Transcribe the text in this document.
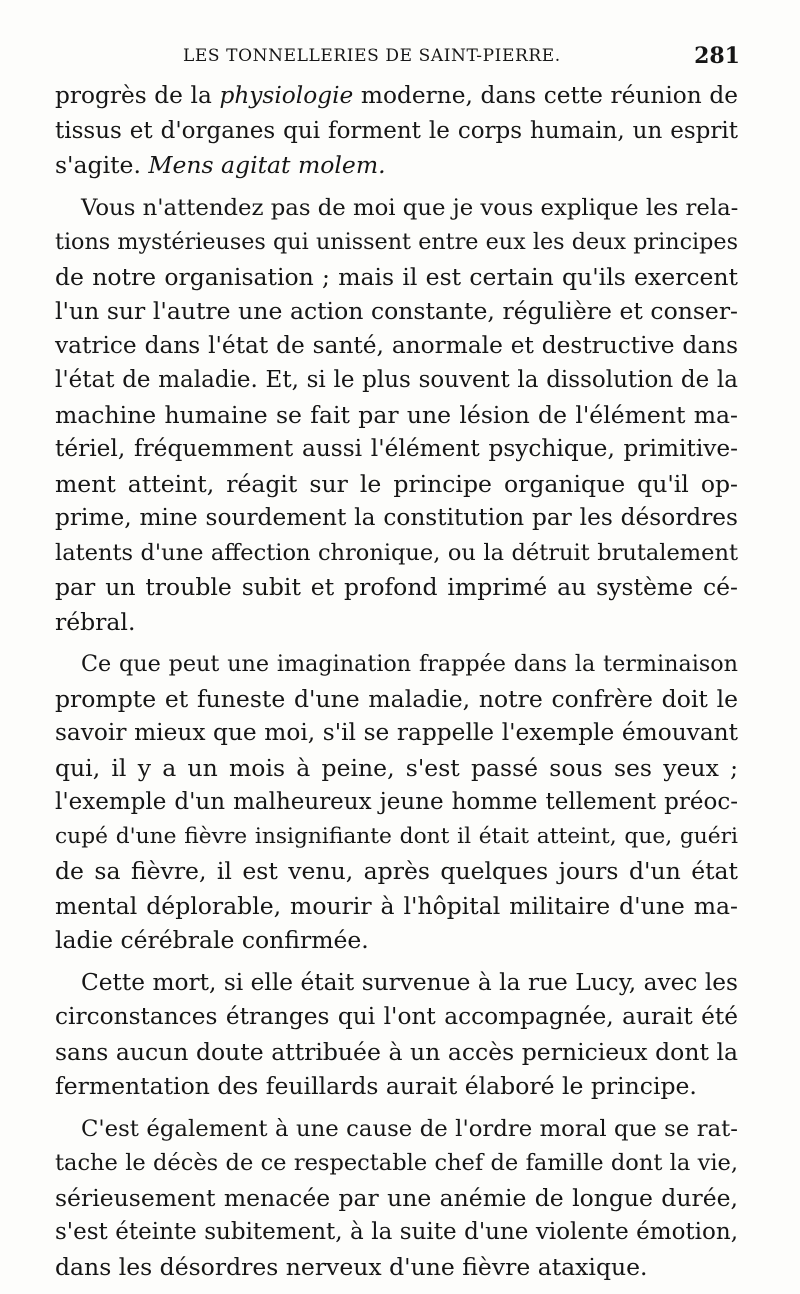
LES TONNELLERIES DE SAINT-PIERRE.	281

progrès de la physiologie moderne, dans cette réunion de
tissus et d'organes qui forment le corps humain, un esprit
s'agite. Mens agitat molem.

Vous n'attendez pas de moi que je vous explique les rela-
tions mystérieuses qui unissent entre eux les deux principes
de notre organisation ; mais il est certain qu'ils exercent
l'un sur l'autre une action constante, régulière et conser-
vatrice dans l'état de santé, anormale et destructive dans
l'état de maladie. Et, si le plus souvent la dissolution de la
machine humaine se fait par une lésion de l'élément ma-
tériel, fréquemment aussi l'élément psychique, primitive-
ment atteint, réagit sur le principe organique qu'il op-
prime, mine sourdement la constitution par les désordres
latents d'une affection chronique, ou la détruit brutalement
par un trouble subit et profond imprimé au système cé-
rébral.

Ce que peut une imagination frappée dans la terminaison
prompte et funeste d'une maladie, notre confrère doit le
savoir mieux que moi, s'il se rappelle l'exemple émouvant
qui, il y a un mois à peine, s'est passé sous ses yeux ;
l'exemple d'un malheureux jeune homme tellement préoc-
cupé d'une fièvre insignifiante dont il était atteint, que, guéri
de sa fièvre, il est venu, après quelques jours d'un état
mental déplorable, mourir à l'hôpital militaire d'une ma-
ladie cérébrale confirmée.

Cette mort, si elle était survenue à la rue Lucy, avec les
circonstances étranges qui l'ont accompagnée, aurait été
sans aucun doute attribuée à un accès pernicieux dont la
fermentation des feuillards aurait élaboré le principe.

C'est également à une cause de l'ordre moral que se rat-
tache le décès de ce respectable chef de famille dont la vie,
sérieusement menacée par une anémie de longue durée,
s'est éteinte subitement, à la suite d'une violente émotion,
dans les désordres nerveux d'une fièvre ataxique.
